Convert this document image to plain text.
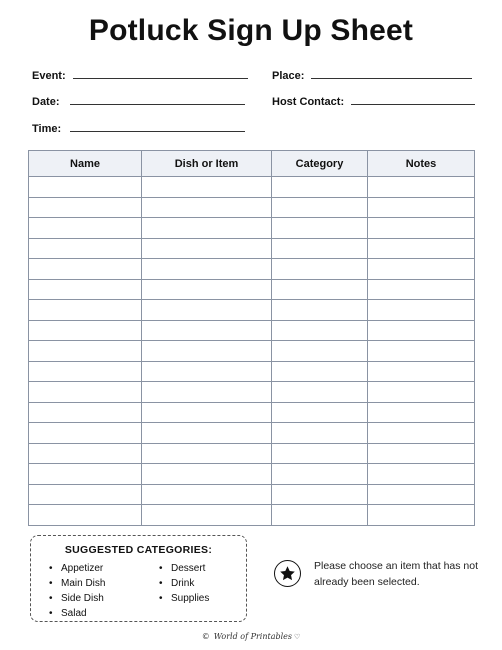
Potluck Sign Up Sheet
Event:	Place:
Date:	Host Contact:
Time:
Name	Dish or Item	Category	Notes

SUGGESTED CATEGORIES:
• Appetizer
• Main Dish
• Side Dish
• Salad
• Dessert
• Drink
• Supplies
Please choose an item that has not already been selected.
© World of Printables ♡
